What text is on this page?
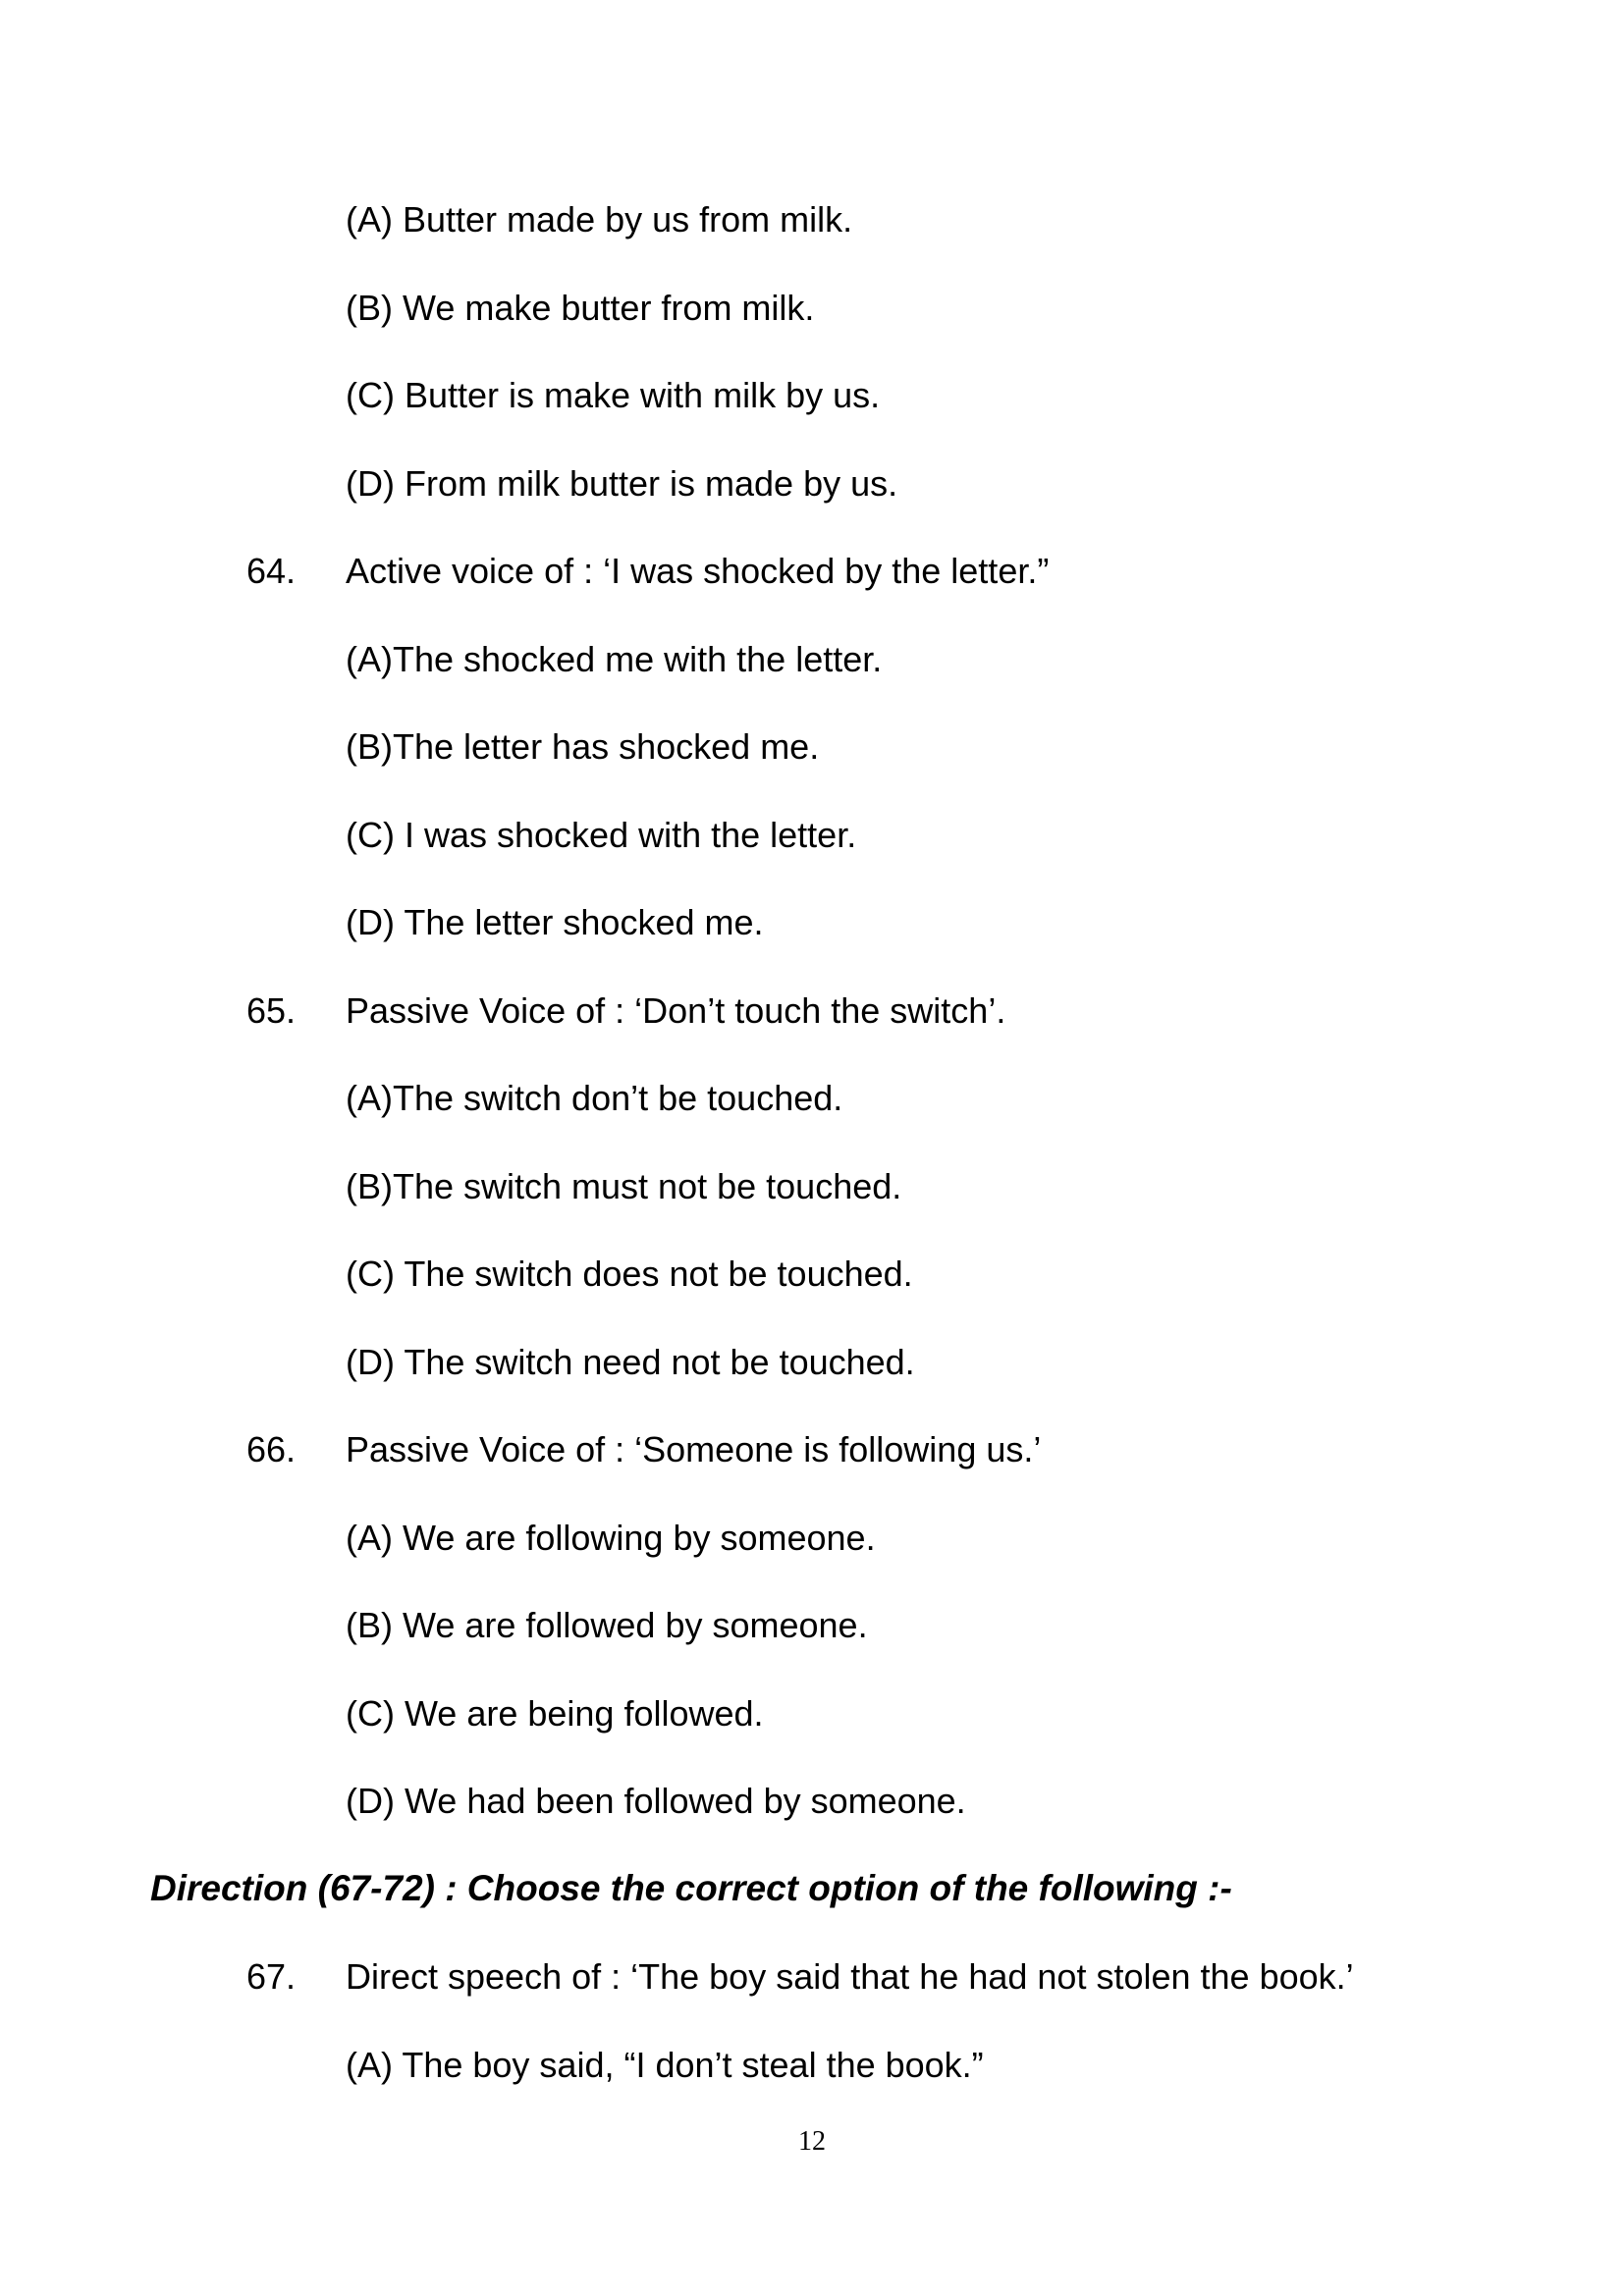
(A) Butter made by us from milk.
(B) We make butter from milk.
(C) Butter is make with milk by us.
(D) From milk butter is made by us.
64. Active voice of : ‘I was shocked by the letter.”
(A)The shocked me with the letter.
(B)The letter has shocked me.
(C) I was shocked with the letter.
(D) The letter shocked me.
65. Passive Voice of : ‘Don’t touch the switch’.
(A)The switch don’t be touched.
(B)The switch must not be touched.
(C) The switch does not be touched.
(D) The switch need not be touched.
66. Passive Voice of : ‘Someone is following us.’
(A) We are following by someone.
(B) We are followed by someone.
(C) We are being followed.
(D) We had been followed by someone.
Direction (67-72) : Choose the correct option of the following :-
67. Direct speech of : ‘The boy said that he had not stolen the book.’
(A) The boy said, “I don’t steal the book.”
12
